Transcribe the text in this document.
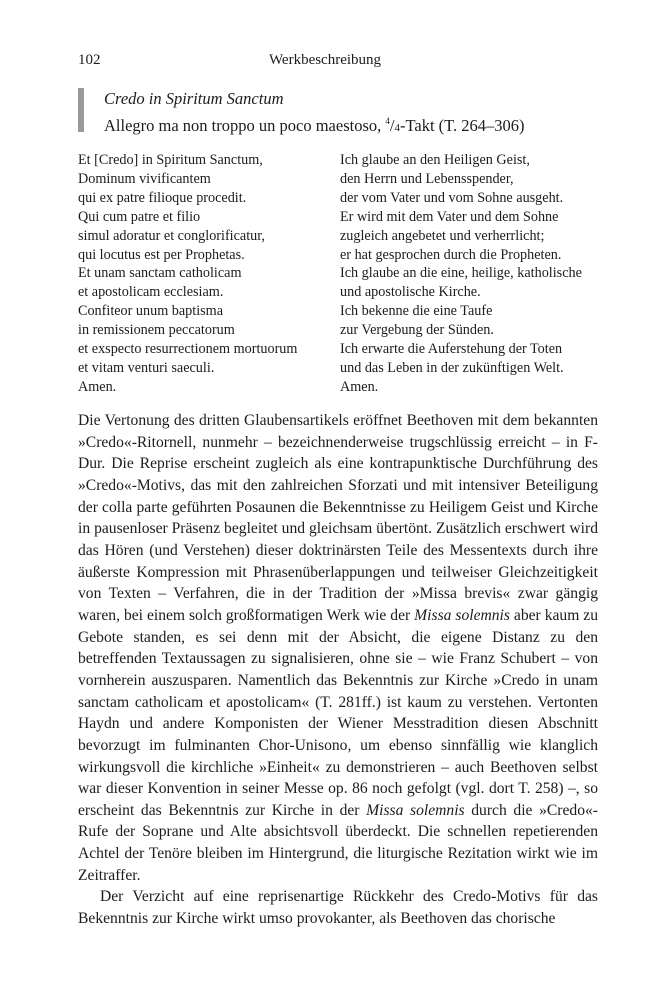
102	Werkbeschreibung
Credo in Spiritum Sanctum
Allegro ma non troppo un poco maestoso, $^4$/4-Takt (T. 264–306)
Et [Credo] in Spiritum Sanctum,
Dominum vivificantem
qui ex patre filioque procedit.
Qui cum patre et filio
simul adoratur et conglorificatur,
qui locutus est per Prophetas.
Et unam sanctam catholicam
et apostolicam ecclesiam.
Confiteor unum baptisma
in remissionem peccatorum
et exspecto resurrectionem mortuorum
et vitam venturi saeculi.
Amen.
Ich glaube an den Heiligen Geist,
den Herrn und Lebensspender,
der vom Vater und vom Sohne ausgeht.
Er wird mit dem Vater und dem Sohne
zugleich angebetet und verherrlicht;
er hat gesprochen durch die Propheten.
Ich glaube an die eine, heilige, katholische
und apostolische Kirche.
Ich bekenne die eine Taufe
zur Vergebung der Sünden.
Ich erwarte die Auferstehung der Toten
und das Leben in der zukünftigen Welt.
Amen.

Die Vertonung des dritten Glaubensartikels eröffnet Beethoven mit dem bekannten »Credo«-Ritornell, nunmehr – bezeichnenderweise trugschlüssig erreicht – in F-Dur. Die Reprise erscheint zugleich als eine kontrapunktische Durchführung des »Credo«-Motivs, das mit den zahlreichen Sforzati und mit intensiver Beteiligung der colla parte geführten Posaunen die Bekenntnisse zu Heiligem Geist und Kirche in pausenloser Präsenz begleitet und gleichsam übertönt. Zusätzlich erschwert wird das Hören (und Verstehen) dieser doktrinärsten Teile des Messentexts durch ihre äußerste Kompression mit Phrasenüberlappungen und teilweiser Gleichzeitigkeit von Texten – Verfahren, die in der Tradition der »Missa brevis« zwar gängig waren, bei einem solch großformatigen Werk wie der Missa solemnis aber kaum zu Gebote standen, es sei denn mit der Absicht, die eigene Distanz zu den betreffenden Textaussagen zu signalisieren, ohne sie – wie Franz Schubert – von vornherein auszusparen. Namentlich das Bekenntnis zur Kirche »Credo in unam sanctam catholicam et apostolicam« (T. 281ff.) ist kaum zu verstehen. Vertonten Haydn und andere Komponisten der Wiener Messtradition diesen Abschnitt bevorzugt im fulminanten Chor-Unisono, um ebenso sinnfällig wie klanglich wirkungsvoll die kirchliche »Einheit« zu demonstrieren – auch Beethoven selbst war dieser Konvention in seiner Messe op. 86 noch gefolgt (vgl. dort T. 258) –, so erscheint das Bekenntnis zur Kirche in der Missa solemnis durch die »Credo«-Rufe der Soprane und Alte absichtsvoll überdeckt. Die schnellen repetierenden Achtel der Tenöre bleiben im Hintergrund, die liturgische Rezitation wirkt wie im Zeitraffer.

Der Verzicht auf eine reprisenartige Rückkehr des Credo-Motivs für das Bekenntnis zur Kirche wirkt umso provokanter, als Beethoven das chorische
